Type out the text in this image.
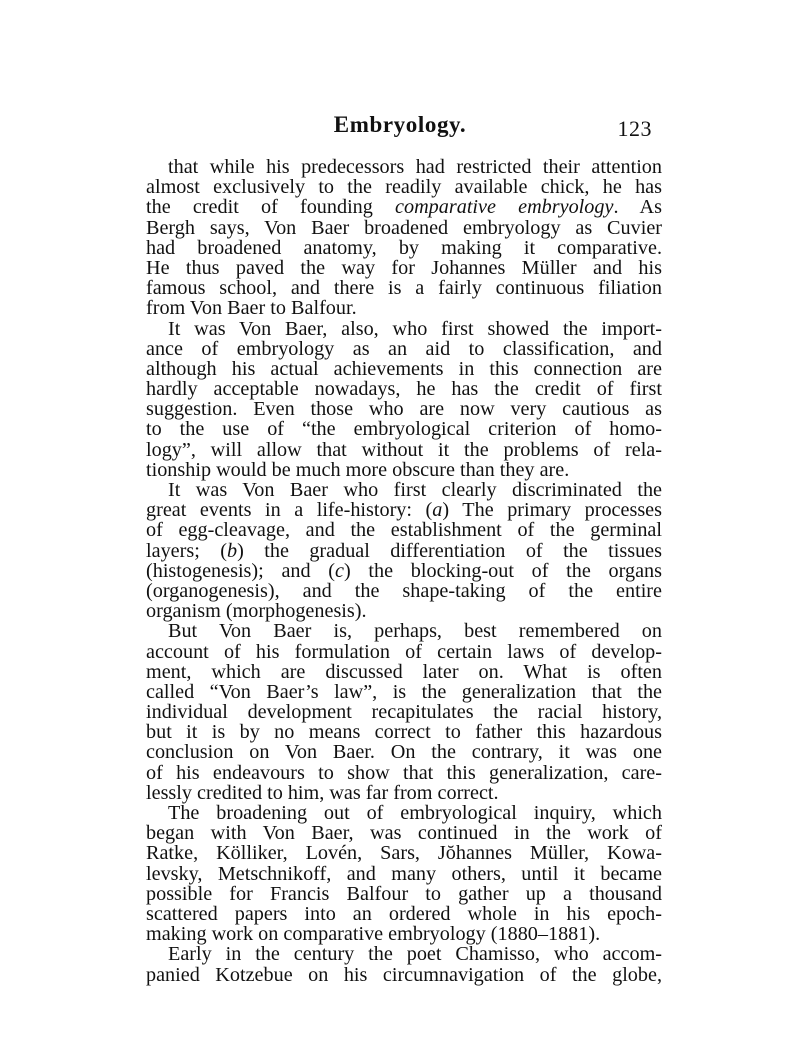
Embryology.	123
that while his predecessors had restricted their attention
almost exclusively to the readily available chick, he has
the credit of founding comparative embryology. As
Bergh says, Von Baer broadened embryology as Cuvier
had broadened anatomy, by making it comparative.
He thus paved the way for Johannes Müller and his
famous school, and there is a fairly continuous filiation
from Von Baer to Balfour.
It was Von Baer, also, who first showed the import-
ance of embryology as an aid to classification, and
although his actual achievements in this connection are
hardly acceptable nowadays, he has the credit of first
suggestion. Even those who are now very cautious as
to the use of “the embryological criterion of homo-
logy”, will allow that without it the problems of rela-
tionship would be much more obscure than they are.
It was Von Baer who first clearly discriminated the
great events in a life-history: (a) The primary processes
of egg-cleavage, and the establishment of the germinal
layers; (b) the gradual differentiation of the tissues
(histogenesis); and (c) the blocking-out of the organs
(organogenesis), and the shape-taking of the entire
organism (morphogenesis).
But Von Baer is, perhaps, best remembered on
account of his formulation of certain laws of develop-
ment, which are discussed later on. What is often
called “Von Baer’s law”, is the generalization that the
individual development recapitulates the racial history,
but it is by no means correct to father this hazardous
conclusion on Von Baer. On the contrary, it was one
of his endeavours to show that this generalization, care-
lessly credited to him, was far from correct.
The broadening out of embryological inquiry, which
began with Von Baer, was continued in the work of
Ratke, Kölliker, Lovén, Sars, Jŏhannes Müller, Kowa-
levsky, Metschnikoff, and many others, until it became
possible for Francis Balfour to gather up a thousand
scattered papers into an ordered whole in his epoch-
making work on comparative embryology (1880–1881).
Early in the century the poet Chamisso, who accom-
panied Kotzebue on his circumnavigation of the globe,
